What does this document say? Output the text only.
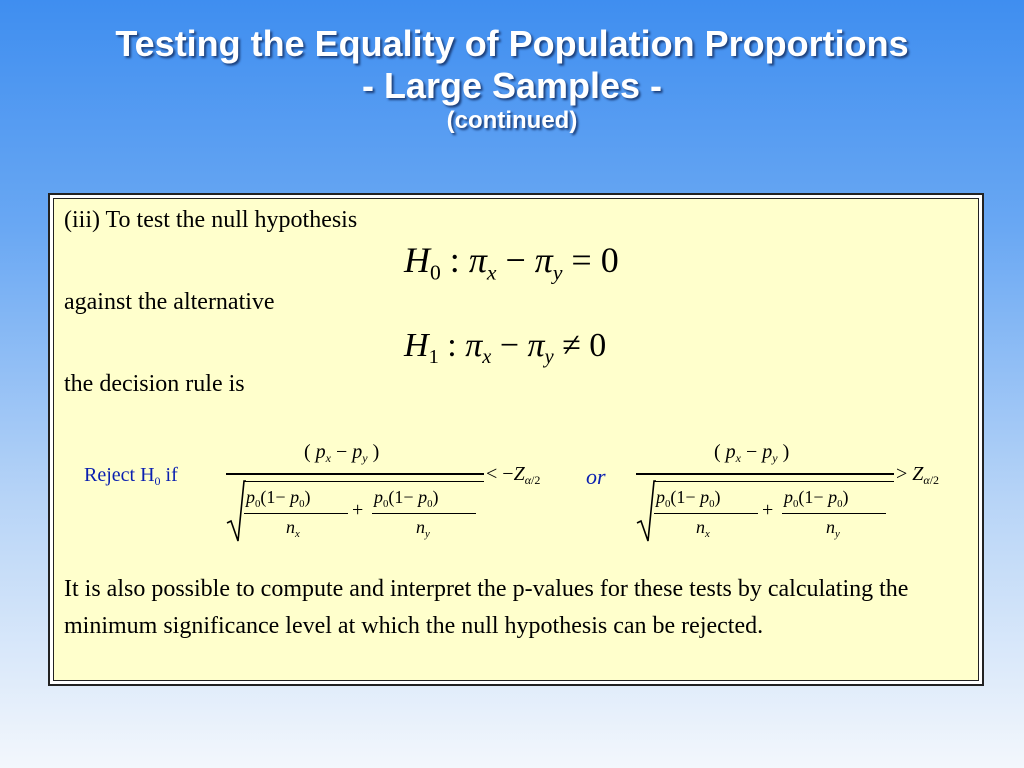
Testing the Equality of Population Proportions
- Large Samples -
(continued)
(iii) To test the null hypothesis
$H_0$ : $\pi_x - \pi_y = 0$
against the alternative
$H_1$ : $\pi_x - \pi_y \ne 0$
the decision rule is
Reject $H_0$ if
( $p_x - p_y$ )
$p_0(1- p_0)$
$n_x$
+
$p_0(1- p_0)$
$n_y$
< $-Z_{\alpha/2}$ or
( $p_x - p_y$ )
$p_0(1- p_0)$
$n_x$
+
$p_0(1- p_0)$
$n_y$
> $Z_{\alpha/2}$
It is also possible to compute and interpret the p-values for these tests by calculating the minimum significance level at which the null hypothesis can be rejected.
